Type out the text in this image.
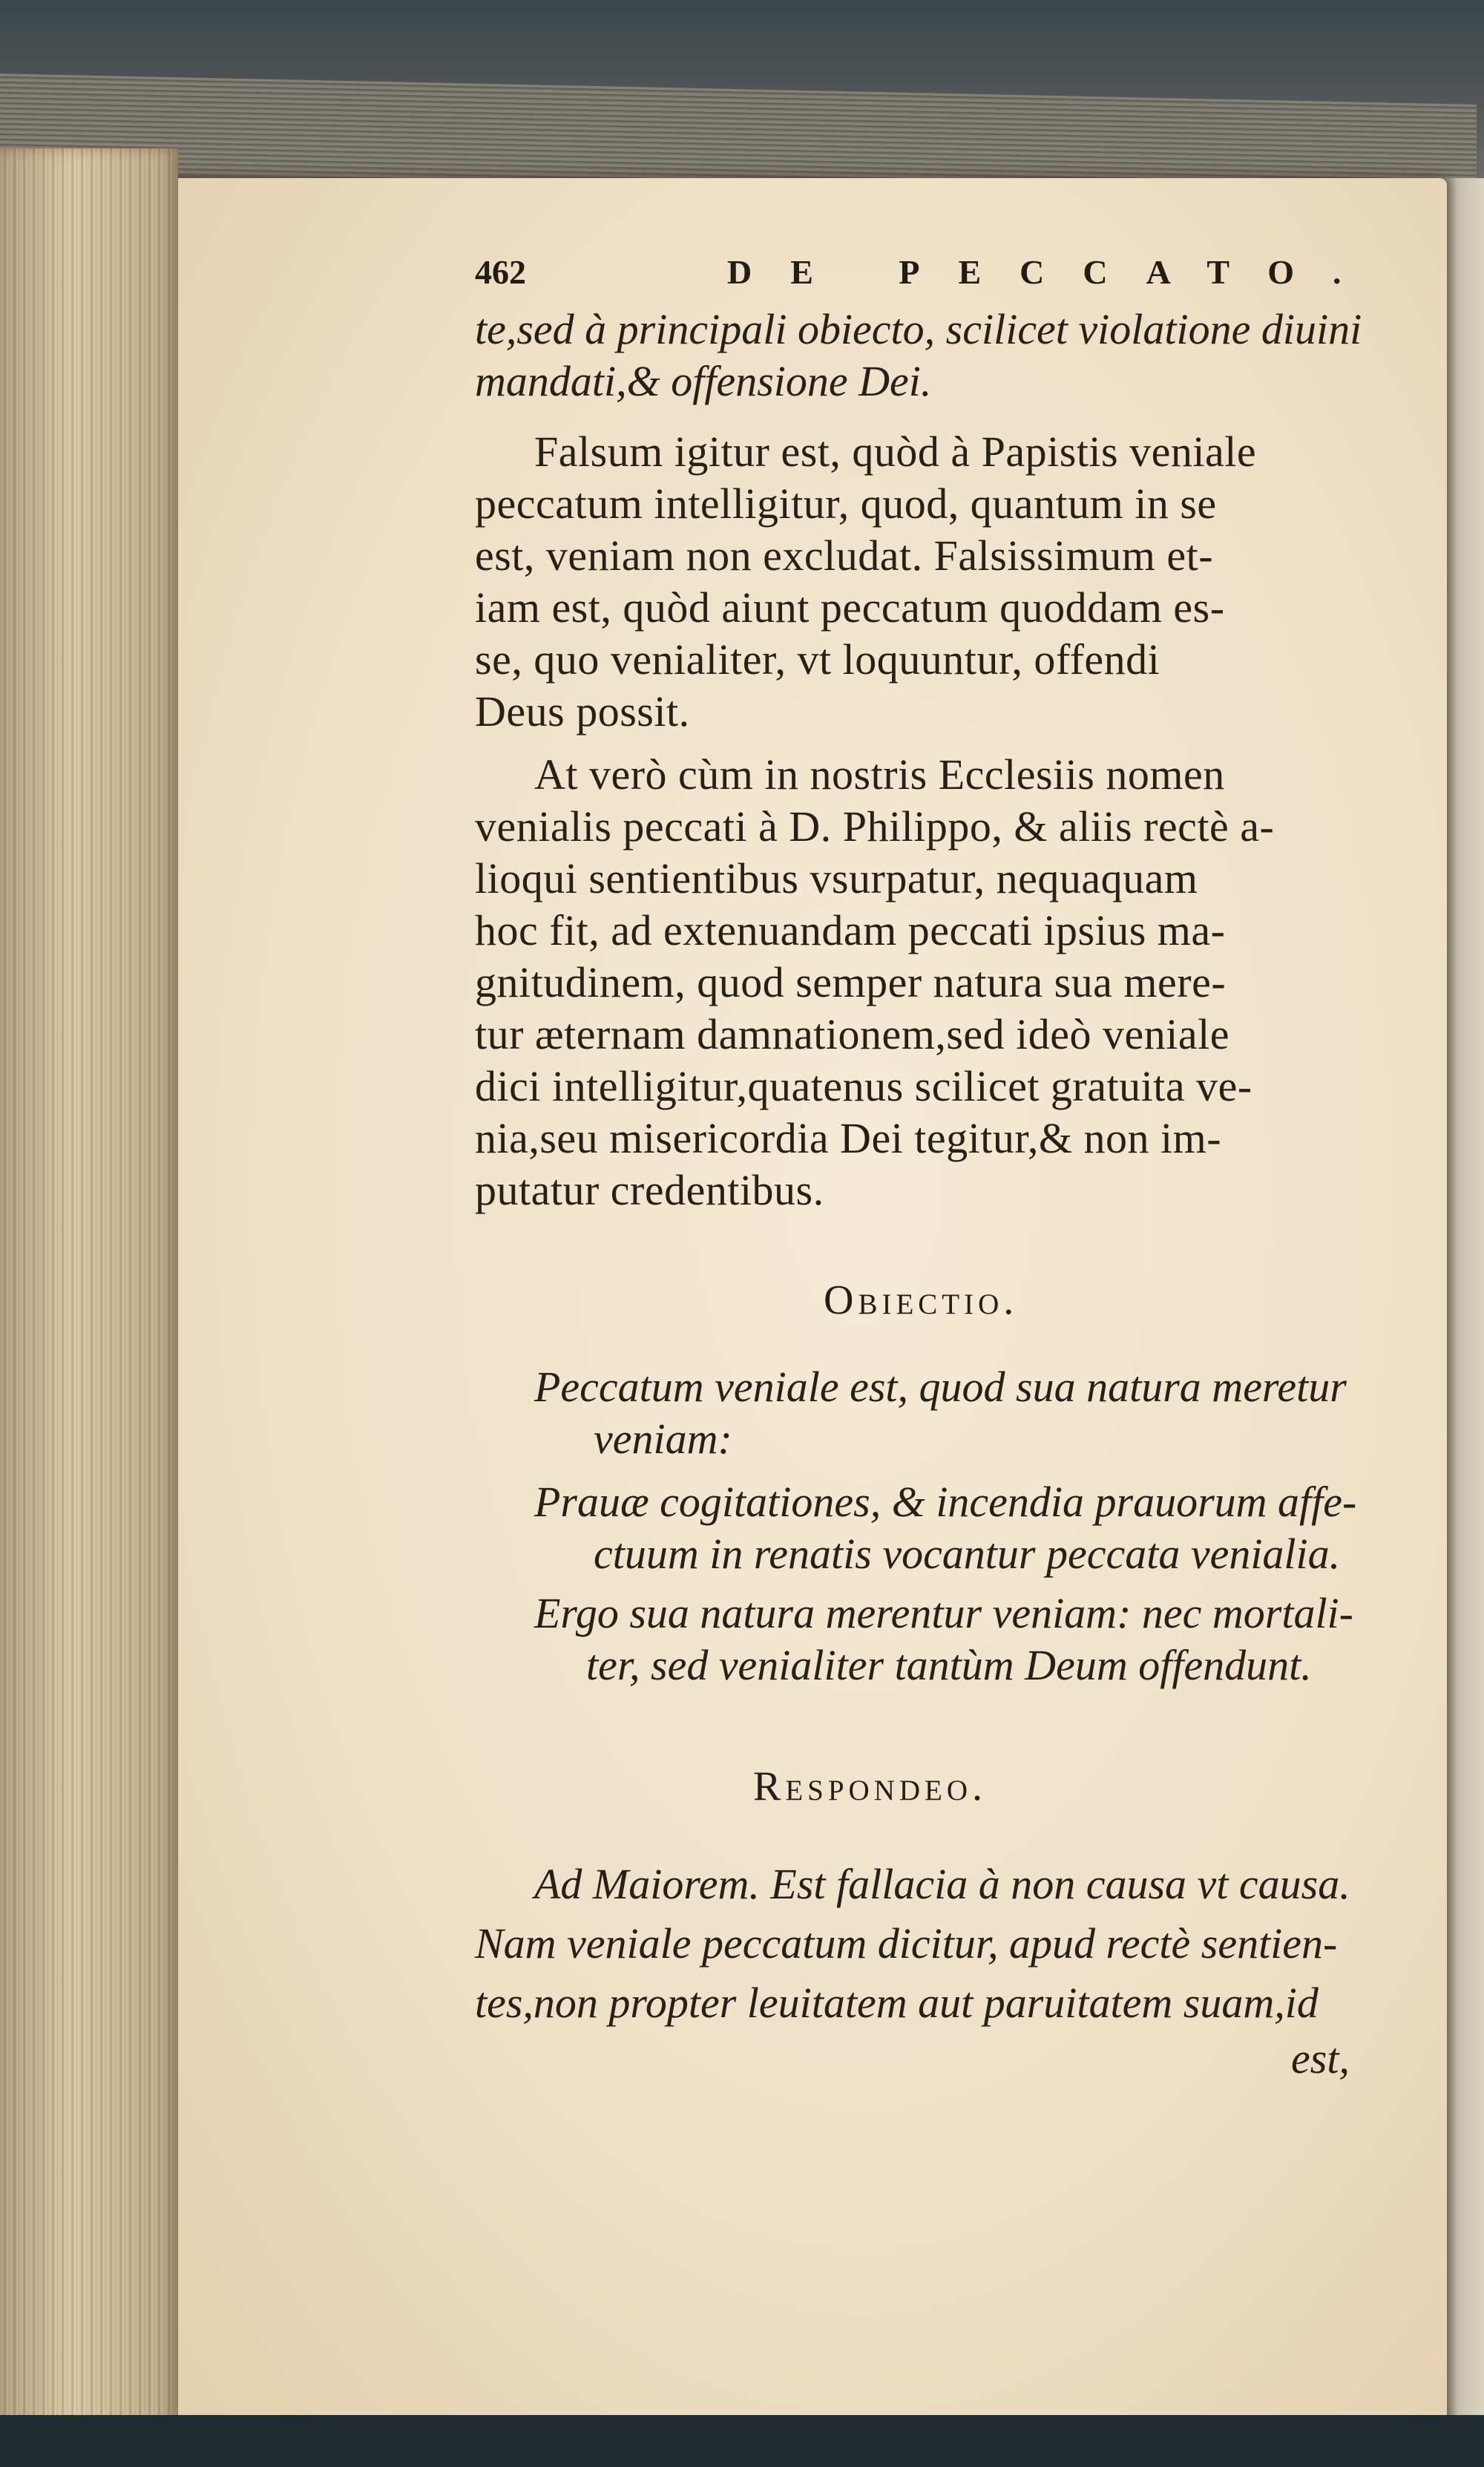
462	DE PECCATO.
te,sed à principali obiecto, scilicet violatione diuini
mandati,& offensione Dei.
Falsum igitur est, quòd à Papistis veniale
peccatum intelligitur, quod, quantum in se
est, veniam non excludat. Falsissimum et-
iam est, quòd aiunt peccatum quoddam es-
se, quo venialiter, vt loquuntur, offendi
Deus possit.
At verò cùm in nostris Ecclesiis nomen
venialis peccati à D. Philippo, & aliis rectè a-
lioqui sentientibus vsurpatur, nequaquam
hoc fit, ad extenuandam peccati ipsius ma-
gnitudinem, quod semper natura sua mere-
tur æternam damnationem,sed ideò veniale
dici intelligitur,quatenus scilicet gratuita ve-
nia,seu misericordia Dei tegitur,& non im-
putatur credentibus.
Obiectio.
Peccatum veniale est, quod sua natura meretur
veniam:
Prauæ cogitationes, & incendia prauorum affe-
ctuum in renatis vocantur peccata venialia.
Ergo sua natura merentur veniam: nec mortali-
ter, sed venialiter tantùm Deum offendunt.
Respondeo.
Ad Maiorem. Est fallacia à non causa vt causa.
Nam veniale peccatum dicitur, apud rectè sentien-
tes,non propter leuitatem aut paruitatem suam,id
est,
